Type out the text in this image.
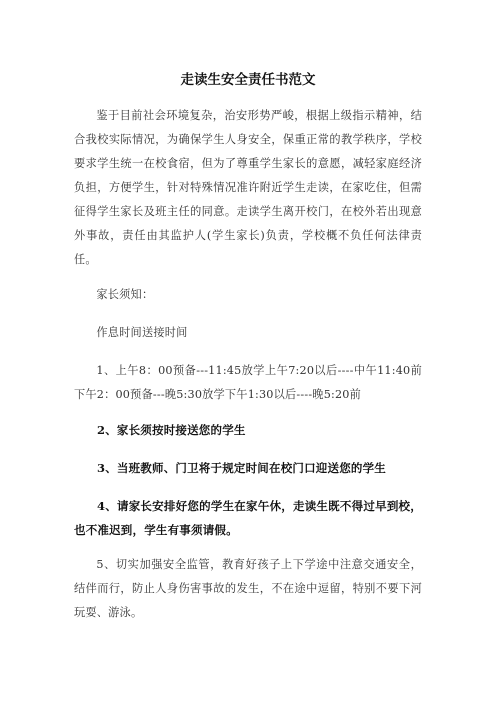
走读生安全责任书范文

鉴于目前社会环境复杂，治安形势严峻，根据上级指示精神，结合我校实际情况，为确保学生人身安全，保重正常的教学秩序，学校要求学生统一在校食宿，但为了尊重学生家长的意愿，减轻家庭经济负担，方便学生，针对特殊情况准许附近学生走读，在家吃住，但需征得学生家长及班主任的同意。走读学生离开校门，在校外若出现意外事故，责任由其监护人(学生家长)负责，学校概不负任何法律责任。

家长须知：

作息时间送接时间

1、上午8：00预备---11:45放学上午7:20以后----中午11:40前下午2：00预备---晚5:30放学下午1:30以后----晚5:20前

2、家长须按时接送您的学生

3、当班教师、门卫将于规定时间在校门口迎送您的学生

4、请家长安排好您的学生在家午休，走读生既不得过早到校，也不准迟到，学生有事须请假。

5、切实加强安全监管，教育好孩子上下学途中注意交通安全，结伴而行，防止人身伤害事故的发生，不在途中逗留，特别不要下河玩耍、游泳。
